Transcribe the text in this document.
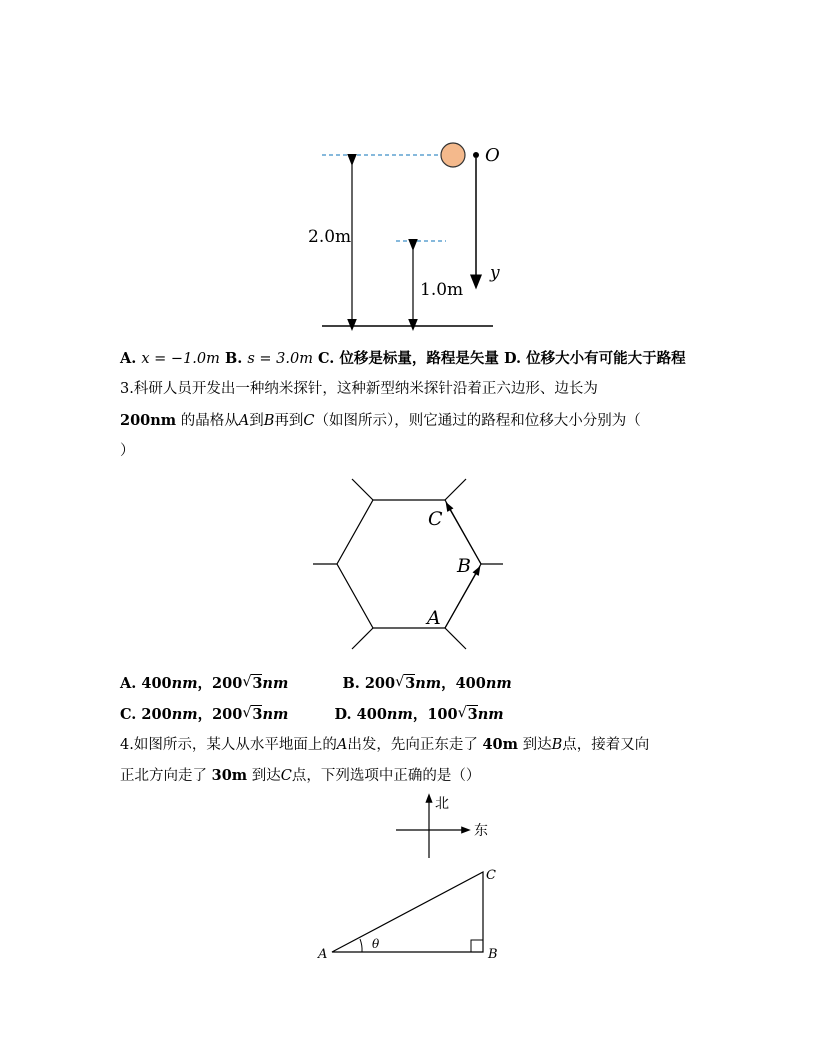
O
y
2.0m
1.0m
A. x = −1.0m B. s = 3.0m C. 位移是标量，路程是矢量 D. 位移大小有可能大于路程
3.科研人员开发出一种纳米探针，这种新型纳米探针沿着正六边形、边长为
200nm 的晶格从A到B再到C（如图所示），则它通过的路程和位移大小分别为（
）
A
B
C
A. 400nm，200 √ 3nm	B. 200 √ 3nm，400nm
C. 200nm，200 √ 3nm	D. 400nm，100 √ 3nm
4.如图所示，某人从水平地面上的A出发，先向正东走了 40m 到达B点，接着又向
正北方向走了 30m 到达C点，下列选项中正确的是（）
北
东
θ
A	B
C
